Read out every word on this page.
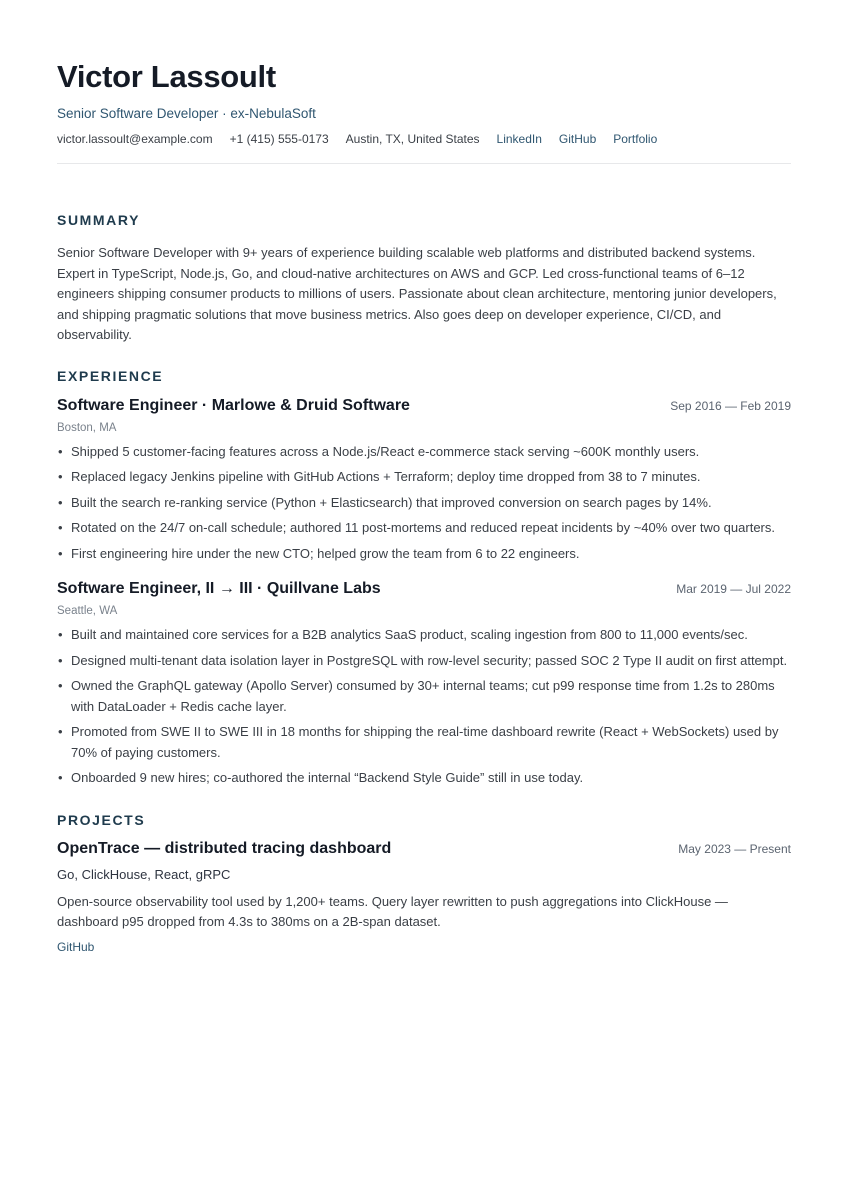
Victor Lassoult
Senior Software Developer · ex-NebulaSoft
victor.lassoult@example.com +1 (415) 555-0173 Austin, TX, United States LinkedIn GitHub Portfolio
SUMMARY
Senior Software Developer with 9+ years of experience building scalable web platforms and distributed backend systems. Expert in TypeScript, Node.js, Go, and cloud-native architectures on AWS and GCP. Led cross-functional teams of 6–12 engineers shipping consumer products to millions of users. Passionate about clean architecture, mentoring junior developers, and shipping pragmatic solutions that move business metrics. Also goes deep on developer experience, CI/CD, and observability.
EXPERIENCE
Software Engineer · Marlowe & Druid Software	Sep 2016 — Feb 2019
Boston, MA
• Shipped 5 customer-facing features across a Node.js/React e-commerce stack serving ~600K monthly users.
• Replaced legacy Jenkins pipeline with GitHub Actions + Terraform; deploy time dropped from 38 to 7 minutes.
• Built the search re-ranking service (Python + Elasticsearch) that improved conversion on search pages by 14%.
• Rotated on the 24/7 on-call schedule; authored 11 post-mortems and reduced repeat incidents by ~40% over two quarters.
• First engineering hire under the new CTO; helped grow the team from 6 to 22 engineers.
Software Engineer, II → III · Quillvane Labs	Mar 2019 — Jul 2022
Seattle, WA
• Built and maintained core services for a B2B analytics SaaS product, scaling ingestion from 800 to 11,000 events/sec.
• Designed multi-tenant data isolation layer in PostgreSQL with row-level security; passed SOC 2 Type II audit on first attempt.
• Owned the GraphQL gateway (Apollo Server) consumed by 30+ internal teams; cut p99 response time from 1.2s to 280ms with DataLoader + Redis cache layer.
• Promoted from SWE II to SWE III in 18 months for shipping the real-time dashboard rewrite (React + WebSockets) used by 70% of paying customers.
• Onboarded 9 new hires; co-authored the internal “Backend Style Guide” still in use today.
PROJECTS
OpenTrace — distributed tracing dashboard	May 2023 — Present
Go, ClickHouse, React, gRPC
Open-source observability tool used by 1,200+ teams. Query layer rewritten to push aggregations into ClickHouse — dashboard p95 dropped from 4.3s to 380ms on a 2B-span dataset.
GitHub
